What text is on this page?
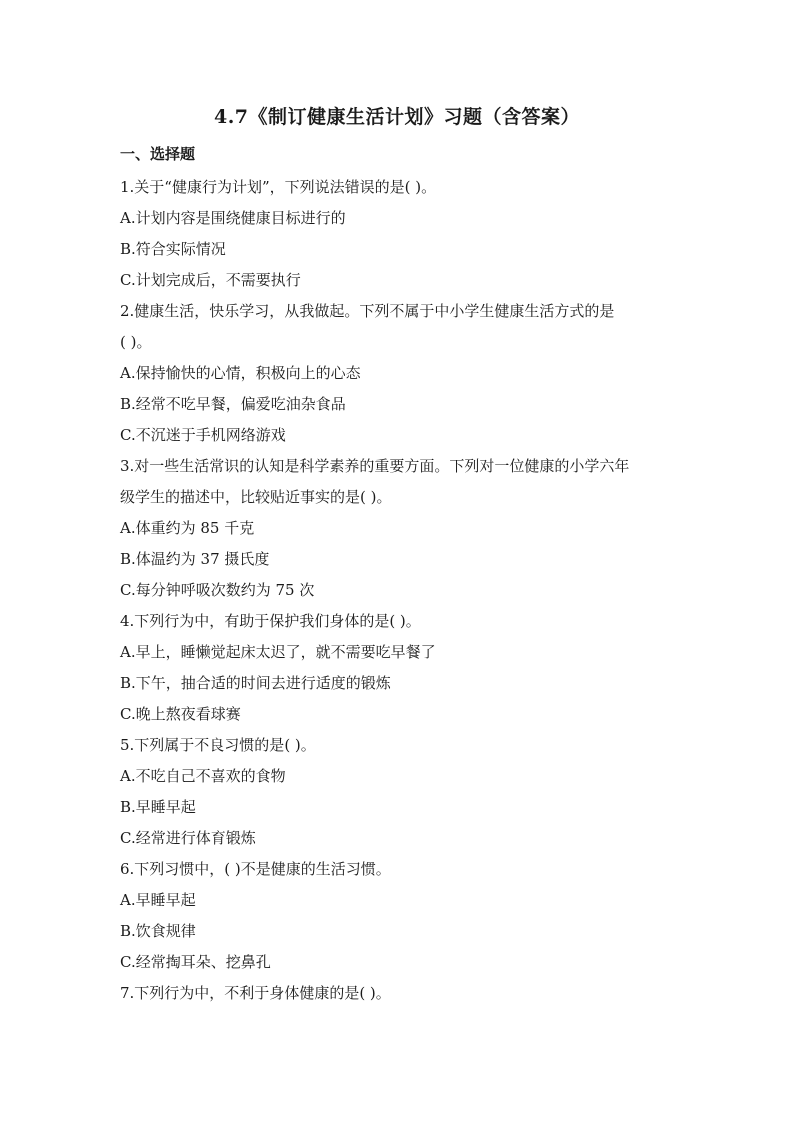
4.7《制订健康生活计划》习题（含答案）
一、选择题
1.关于“健康行为计划”，下列说法错误的是( )。
A.计划内容是围绕健康目标进行的
B.符合实际情况
C.计划完成后，不需要执行
2.健康生活，快乐学习，从我做起。下列不属于中小学生健康生活方式的是
( )。
A.保持愉快的心情，积极向上的心态
B.经常不吃早餐，偏爱吃油杂食品
C.不沉迷于手机网络游戏
3.对一些生活常识的认知是科学素养的重要方面。下列对一位健康的小学六年
级学生的描述中，比较贴近事实的是( )。
A.体重约为 85 千克
B.体温约为 37 摄氏度
C.每分钟呼吸次数约为 75 次
4.下列行为中，有助于保护我们身体的是( )。
A.早上，睡懒觉起床太迟了，就不需要吃早餐了
B.下午，抽合适的时间去进行适度的锻炼
C.晚上熬夜看球赛
5.下列属于不良习惯的是( )。
A.不吃自己不喜欢的食物
B.早睡早起
C.经常进行体育锻炼
6.下列习惯中，( )不是健康的生活习惯。
A.早睡早起
B.饮食规律
C.经常掏耳朵、挖鼻孔
7.下列行为中，不利于身体健康的是( )。
